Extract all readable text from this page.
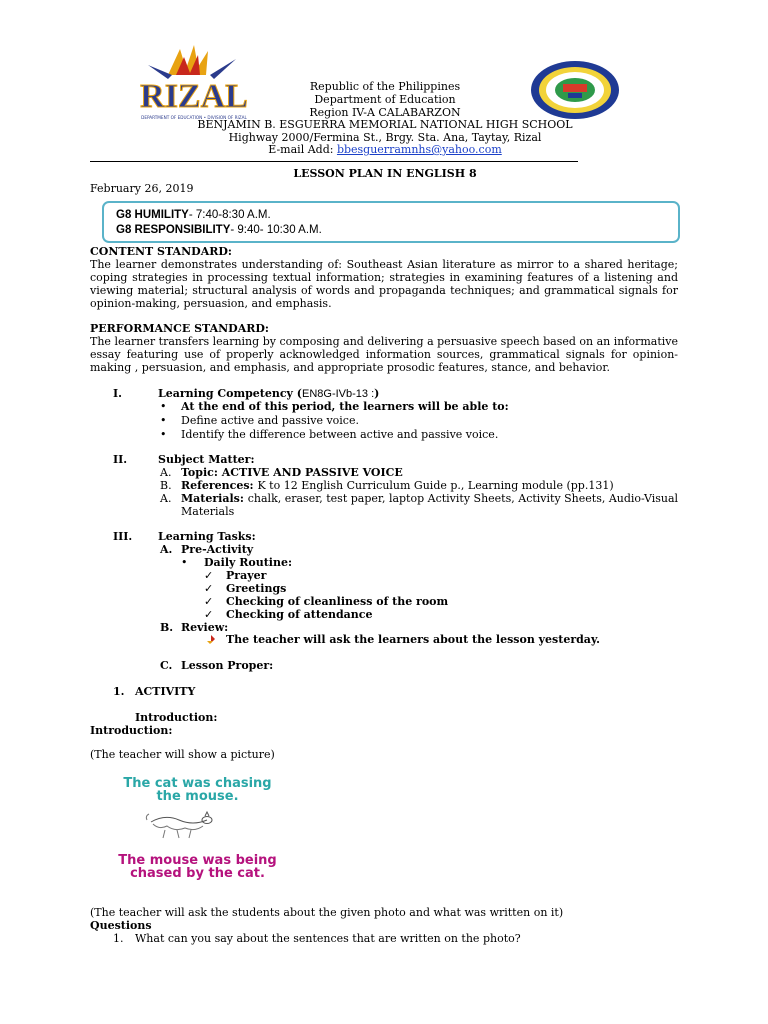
RIZAL
DEPARTMENT OF EDUCATION • DIVISION OF RIZAL
Republic of the Philippines
Department of Education
Region IV-A CALABARZON
BENJAMIN B. ESGUERRA MEMORIAL NATIONAL HIGH SCHOOL
Highway 2000/Fermina St., Brgy. Sta. Ana, Taytay, Rizal
E-mail Add: bbesguerramnhs@yahoo.com
LESSON PLAN IN ENGLISH 8
February 26, 2019
G8 HUMILITY- 7:40-8:30 A.M.
G8 RESPONSIBILITY- 9:40- 10:30 A.M.
CONTENT STANDARD:
The learner demonstrates understanding of: Southeast Asian literature as mirror to a shared heritage; coping strategies in processing textual information; strategies in examining features of a listening and viewing material; structural analysis of words and propaganda techniques; and grammatical signals for opinion-making, persuasion, and emphasis.
PERFORMANCE STANDARD:
The learner transfers learning by composing and delivering a persuasive speech based on an informative essay featuring use of properly acknowledged information sources, grammatical signals for opinion-making , persuasion, and emphasis, and appropriate prosodic features, stance, and behavior.
I.	Learning Competency (EN8G-IVb-13 :)
• At the end of this period, the learners will be able to:
• Define active and passive voice.
• Identify the difference between active and passive voice.
II.	Subject Matter:
A. Topic: ACTIVE AND PASSIVE VOICE
B. References: K to 12 English Curriculum Guide p., Learning module (pp.131)
A. Materials: chalk, eraser, test paper, laptop Activity Sheets, Activity Sheets, Audio-Visual
Materials
III. Learning Tasks:
A. Pre-Activity
• Daily Routine:
✓ Prayer
✓ Greetings
✓ Checking of cleanliness of the room
✓ Checking of attendance
B. Review:
The teacher will ask the learners about the lesson yesterday.
C. Lesson Proper:
1. ACTIVITY
Introduction:
Introduction:
(The teacher will show a picture)
The cat was chasing
the mouse.
The mouse was being
chased by the cat.
(The teacher will ask the students about the given photo and what was written on it)
Questions
1. What can you say about the sentences that are written on the photo?
